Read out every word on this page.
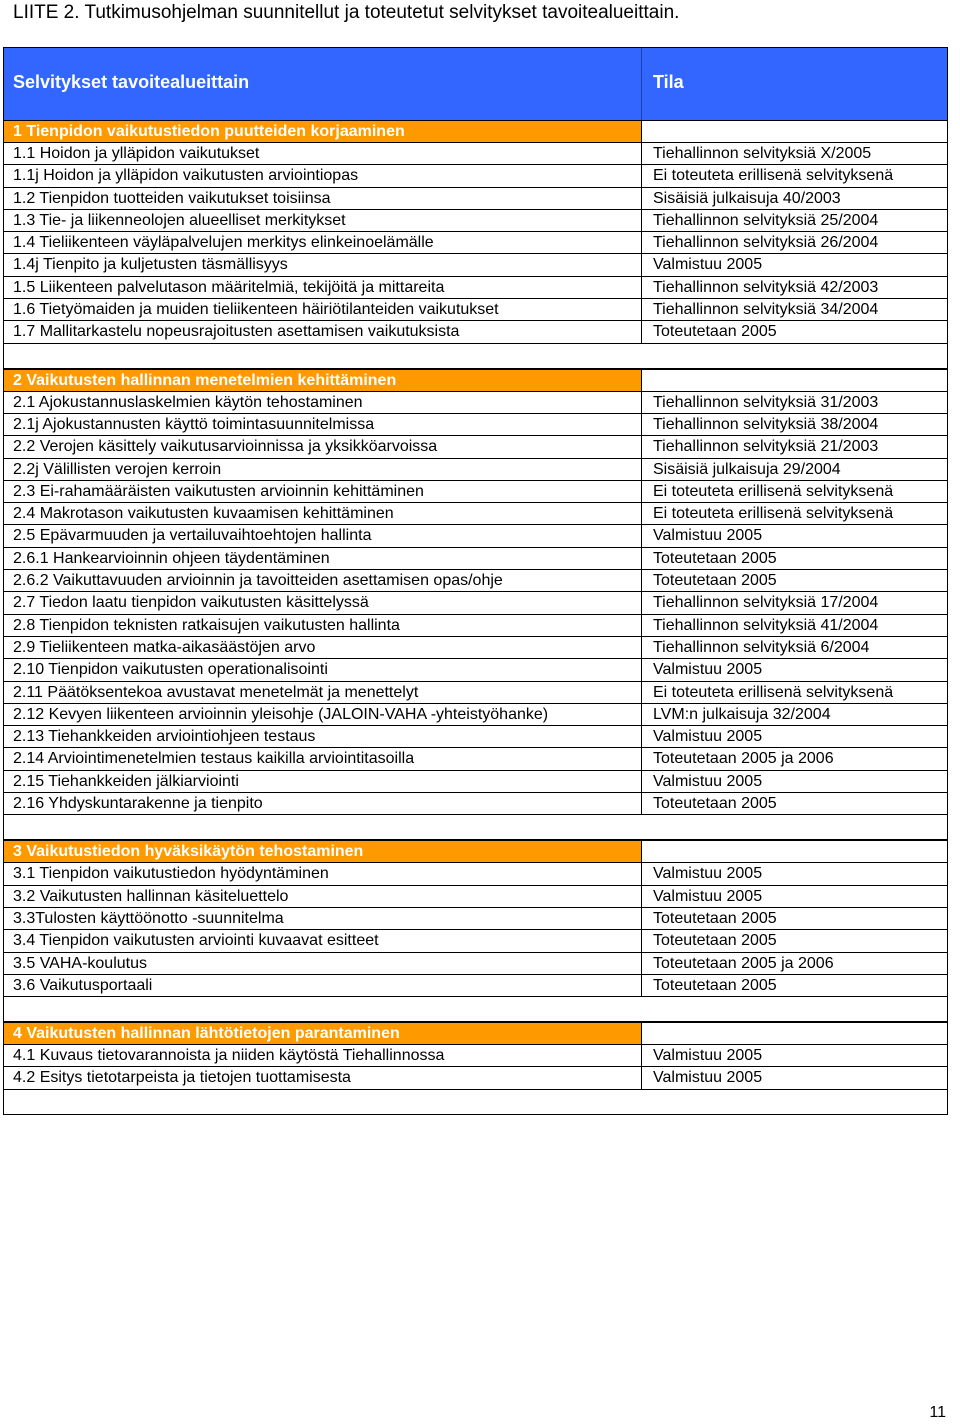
LIITE 2. Tutkimusohjelman suunnitellut ja toteutetut selvitykset tavoitealueittain.
Selvitykset tavoitealueittain	Tila
1 Tienpidon vaikutustiedon puutteiden korjaaminen
1.1 Hoidon ja ylläpidon vaikutukset	Tiehallinnon selvityksiä X/2005
1.1j Hoidon ja ylläpidon vaikutusten arviointiopas	Ei toteuteta erillisenä selvityksenä
1.2 Tienpidon tuotteiden vaikutukset toisiinsa	Sisäisiä julkaisuja 40/2003
1.3 Tie- ja liikenneolojen alueelliset merkitykset	Tiehallinnon selvityksiä 25/2004
1.4 Tieliikenteen väyläpalvelujen merkitys elinkeinoelämälle	Tiehallinnon selvityksiä 26/2004
1.4j Tienpito ja kuljetusten täsmällisyys	Valmistuu 2005
1.5 Liikenteen palvelutason määritelmiä, tekijöitä ja mittareita	Tiehallinnon selvityksiä 42/2003
1.6 Tietyömaiden ja muiden tieliikenteen häiriötilanteiden vaikutukset	Tiehallinnon selvityksiä 34/2004
1.7 Mallitarkastelu nopeusrajoitusten asettamisen vaikutuksista	Toteutetaan 2005
2 Vaikutusten hallinnan menetelmien kehittäminen
2.1 Ajokustannuslaskelmien käytön tehostaminen	Tiehallinnon selvityksiä 31/2003
2.1j Ajokustannusten käyttö toimintasuunnitelmissa	Tiehallinnon selvityksiä 38/2004
2.2 Verojen käsittely vaikutusarvioinnissa ja yksikköarvoissa	Tiehallinnon selvityksiä 21/2003
2.2j Välillisten verojen kerroin	Sisäisiä julkaisuja 29/2004
2.3 Ei-rahamääräisten vaikutusten arvioinnin kehittäminen	Ei toteuteta erillisenä selvityksenä
2.4 Makrotason vaikutusten kuvaamisen kehittäminen	Ei toteuteta erillisenä selvityksenä
2.5 Epävarmuuden ja vertailuvaihtoehtojen hallinta	Valmistuu 2005
2.6.1 Hankearvioinnin ohjeen täydentäminen	Toteutetaan 2005
2.6.2 Vaikuttavuuden arvioinnin ja tavoitteiden asettamisen opas/ohje	Toteutetaan 2005
2.7 Tiedon laatu tienpidon vaikutusten käsittelyssä	Tiehallinnon selvityksiä 17/2004
2.8 Tienpidon teknisten ratkaisujen vaikutusten hallinta	Tiehallinnon selvityksiä 41/2004
2.9 Tieliikenteen matka-aikasäästöjen arvo	Tiehallinnon selvityksiä 6/2004
2.10 Tienpidon vaikutusten operationalisointi	Valmistuu 2005
2.11 Päätöksentekoa avustavat menetelmät ja menettelyt	Ei toteuteta erillisenä selvityksenä
2.12 Kevyen liikenteen arvioinnin yleisohje (JALOIN-VAHA -yhteistyöhanke)	LVM:n julkaisuja 32/2004
2.13 Tiehankkeiden arviointiohjeen testaus	Valmistuu 2005
2.14 Arviointimenetelmien testaus kaikilla arviointitasoilla	Toteutetaan 2005 ja 2006
2.15 Tiehankkeiden jälkiarviointi	Valmistuu 2005
2.16 Yhdyskuntarakenne ja tienpito	Toteutetaan 2005
3 Vaikutustiedon hyväksikäytön tehostaminen
3.1 Tienpidon vaikutustiedon hyödyntäminen	Valmistuu 2005
3.2 Vaikutusten hallinnan käsiteluettelo	Valmistuu 2005
3.3Tulosten käyttöönotto -suunnitelma	Toteutetaan 2005
3.4 Tienpidon vaikutusten arviointi kuvaavat esitteet	Toteutetaan 2005
3.5 VAHA-koulutus	Toteutetaan 2005 ja 2006
3.6 Vaikutusportaali	Toteutetaan 2005
4 Vaikutusten hallinnan lähtötietojen parantaminen
4.1 Kuvaus tietovarannoista ja niiden käytöstä Tiehallinnossa	Valmistuu 2005
4.2 Esitys tietotarpeista ja tietojen tuottamisesta	Valmistuu 2005
11
